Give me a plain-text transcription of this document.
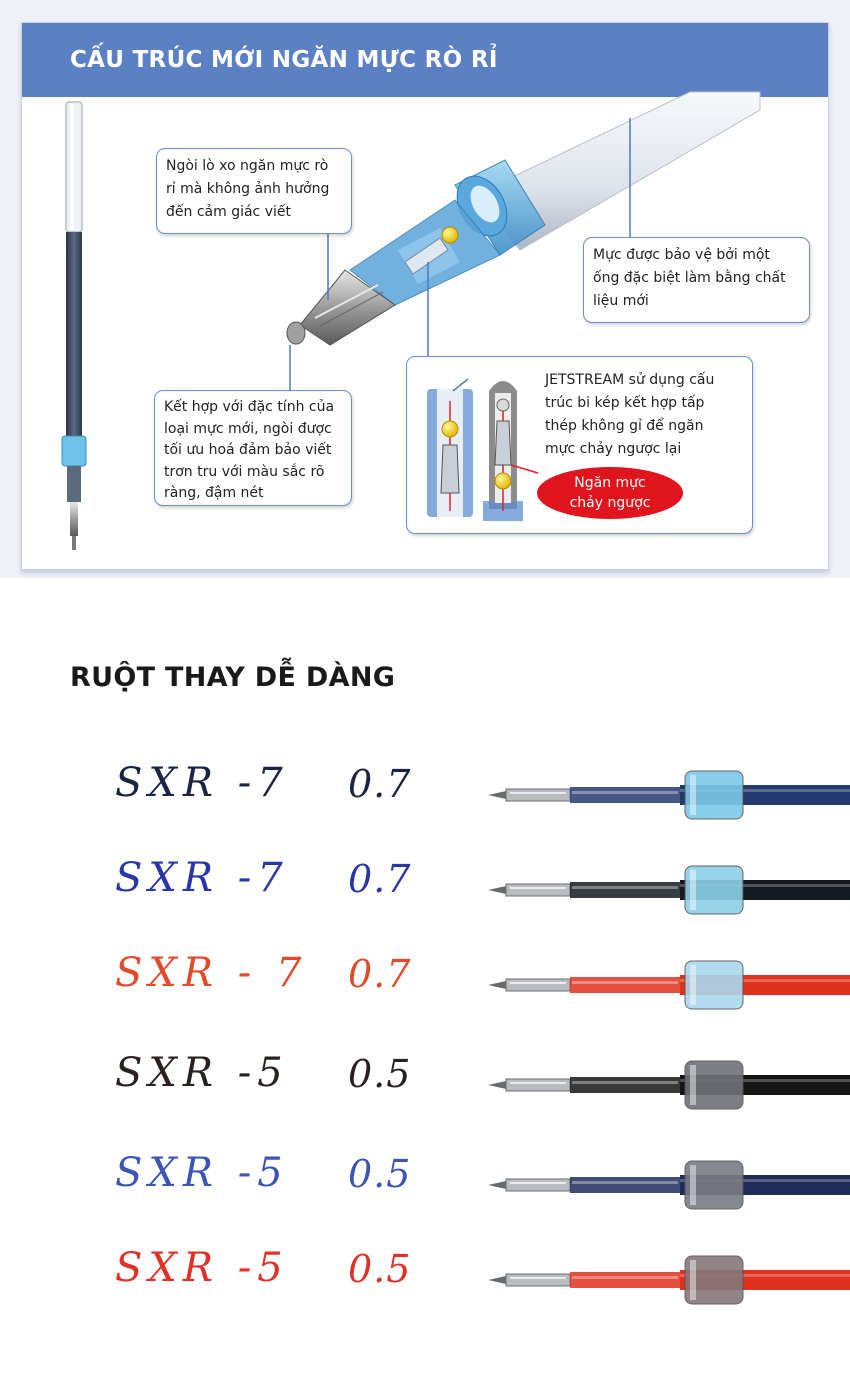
CẤU TRÚC MỚI NGĂN MỰC RÒ RỈ
Ngòi lò xo ngăn mực rò
rỉ mà không ảnh hưởng
đến cảm giác viết
Mực được bảo vệ bởi một
ống đặc biệt làm bằng chất
liệu mới
Kết hợp với đặc tính của
loại mực mới, ngòi được
tối ưu hoá đảm bảo viết
trơn tru với màu sắc rõ
ràng, đậm nét
JETSTREAM sử dụng cấu
trúc bi kép kết hợp tấp
thép không gỉ để ngăn
mực chảy ngược lại
Ngăn mực
chảy ngược
RUỘT THAY DỄ DÀNG
SXR -7 0.7
SXR -7 0.7
SXR - 7 0.7
SXR -5 0.5
SXR -5 0.5
SXR -5 0.5
